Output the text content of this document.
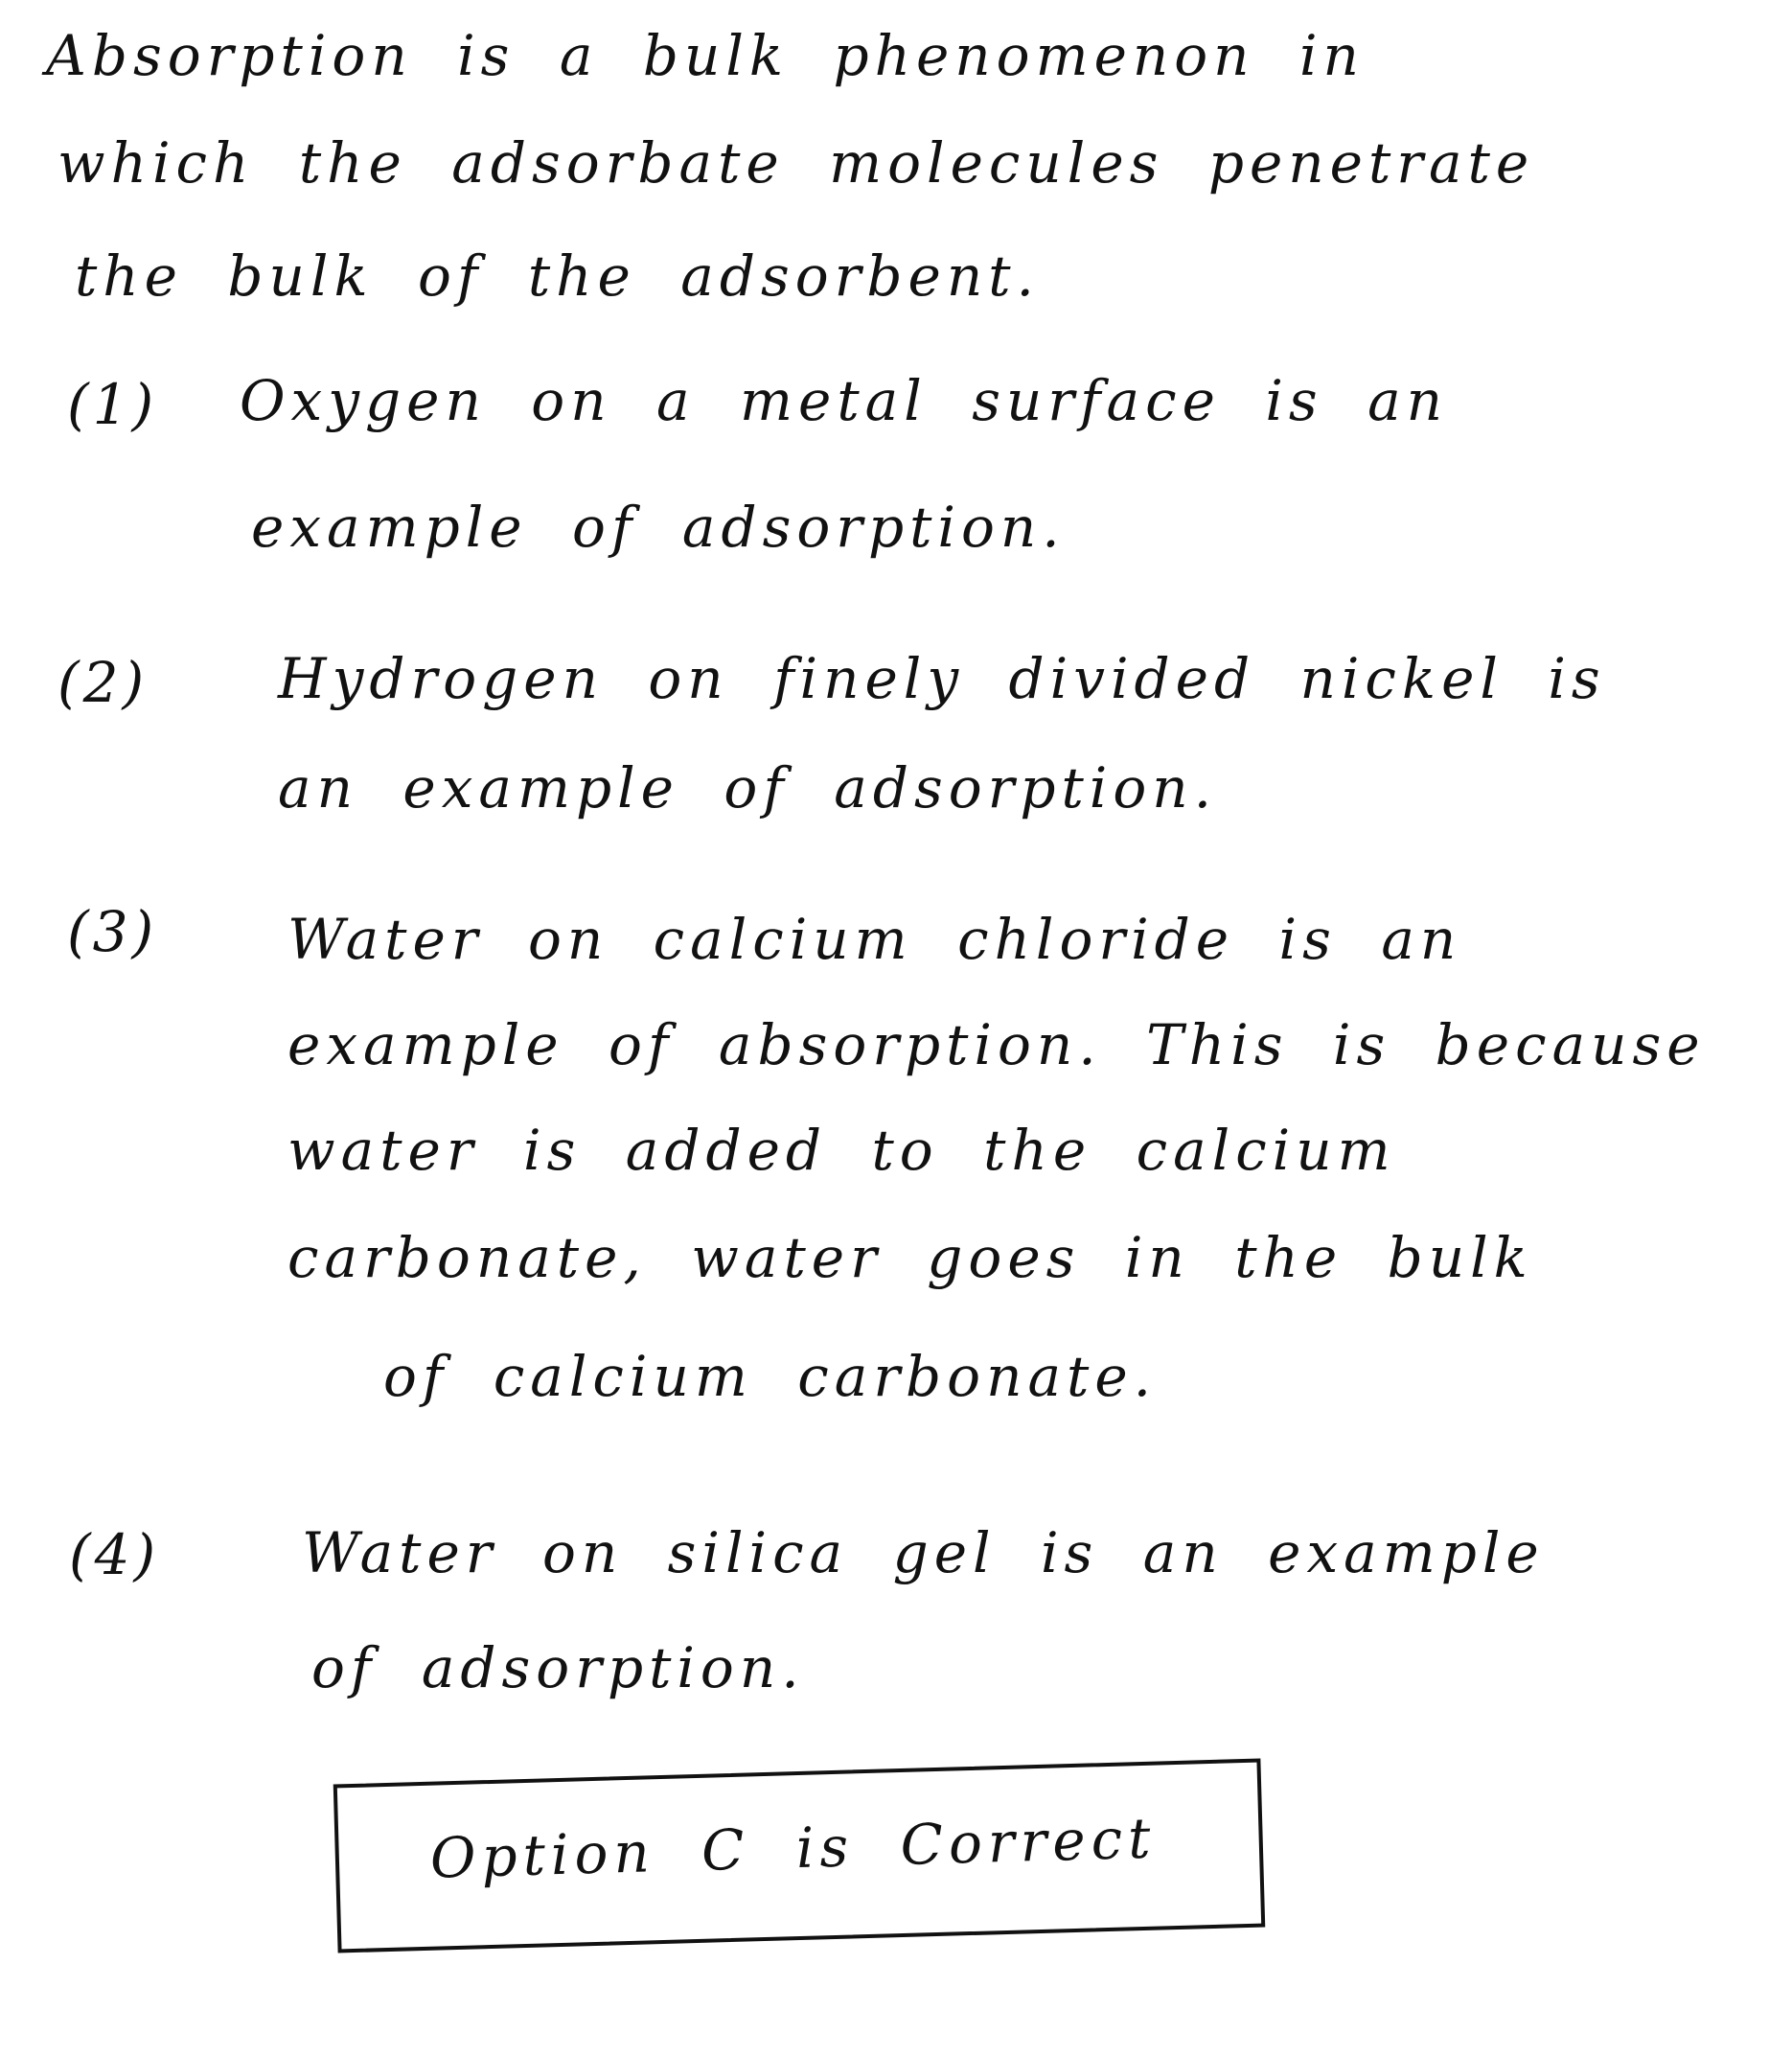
Absorption is a bulk phenomenon in
which the adsorbate molecules penetrate
the bulk of the adsorbent.
(1) Oxygen on a metal surface is an
example of adsorption.
(2) Hydrogen on finely divided nickel is
an example of adsorption.
(3) Water on calcium chloride is an
example of absorption. This is because
water is added to the calcium
carbonate, water goes in the bulk
of calcium carbonate.
(4)	Water on silica gel is an example
of adsorption.
Option C is Correct
